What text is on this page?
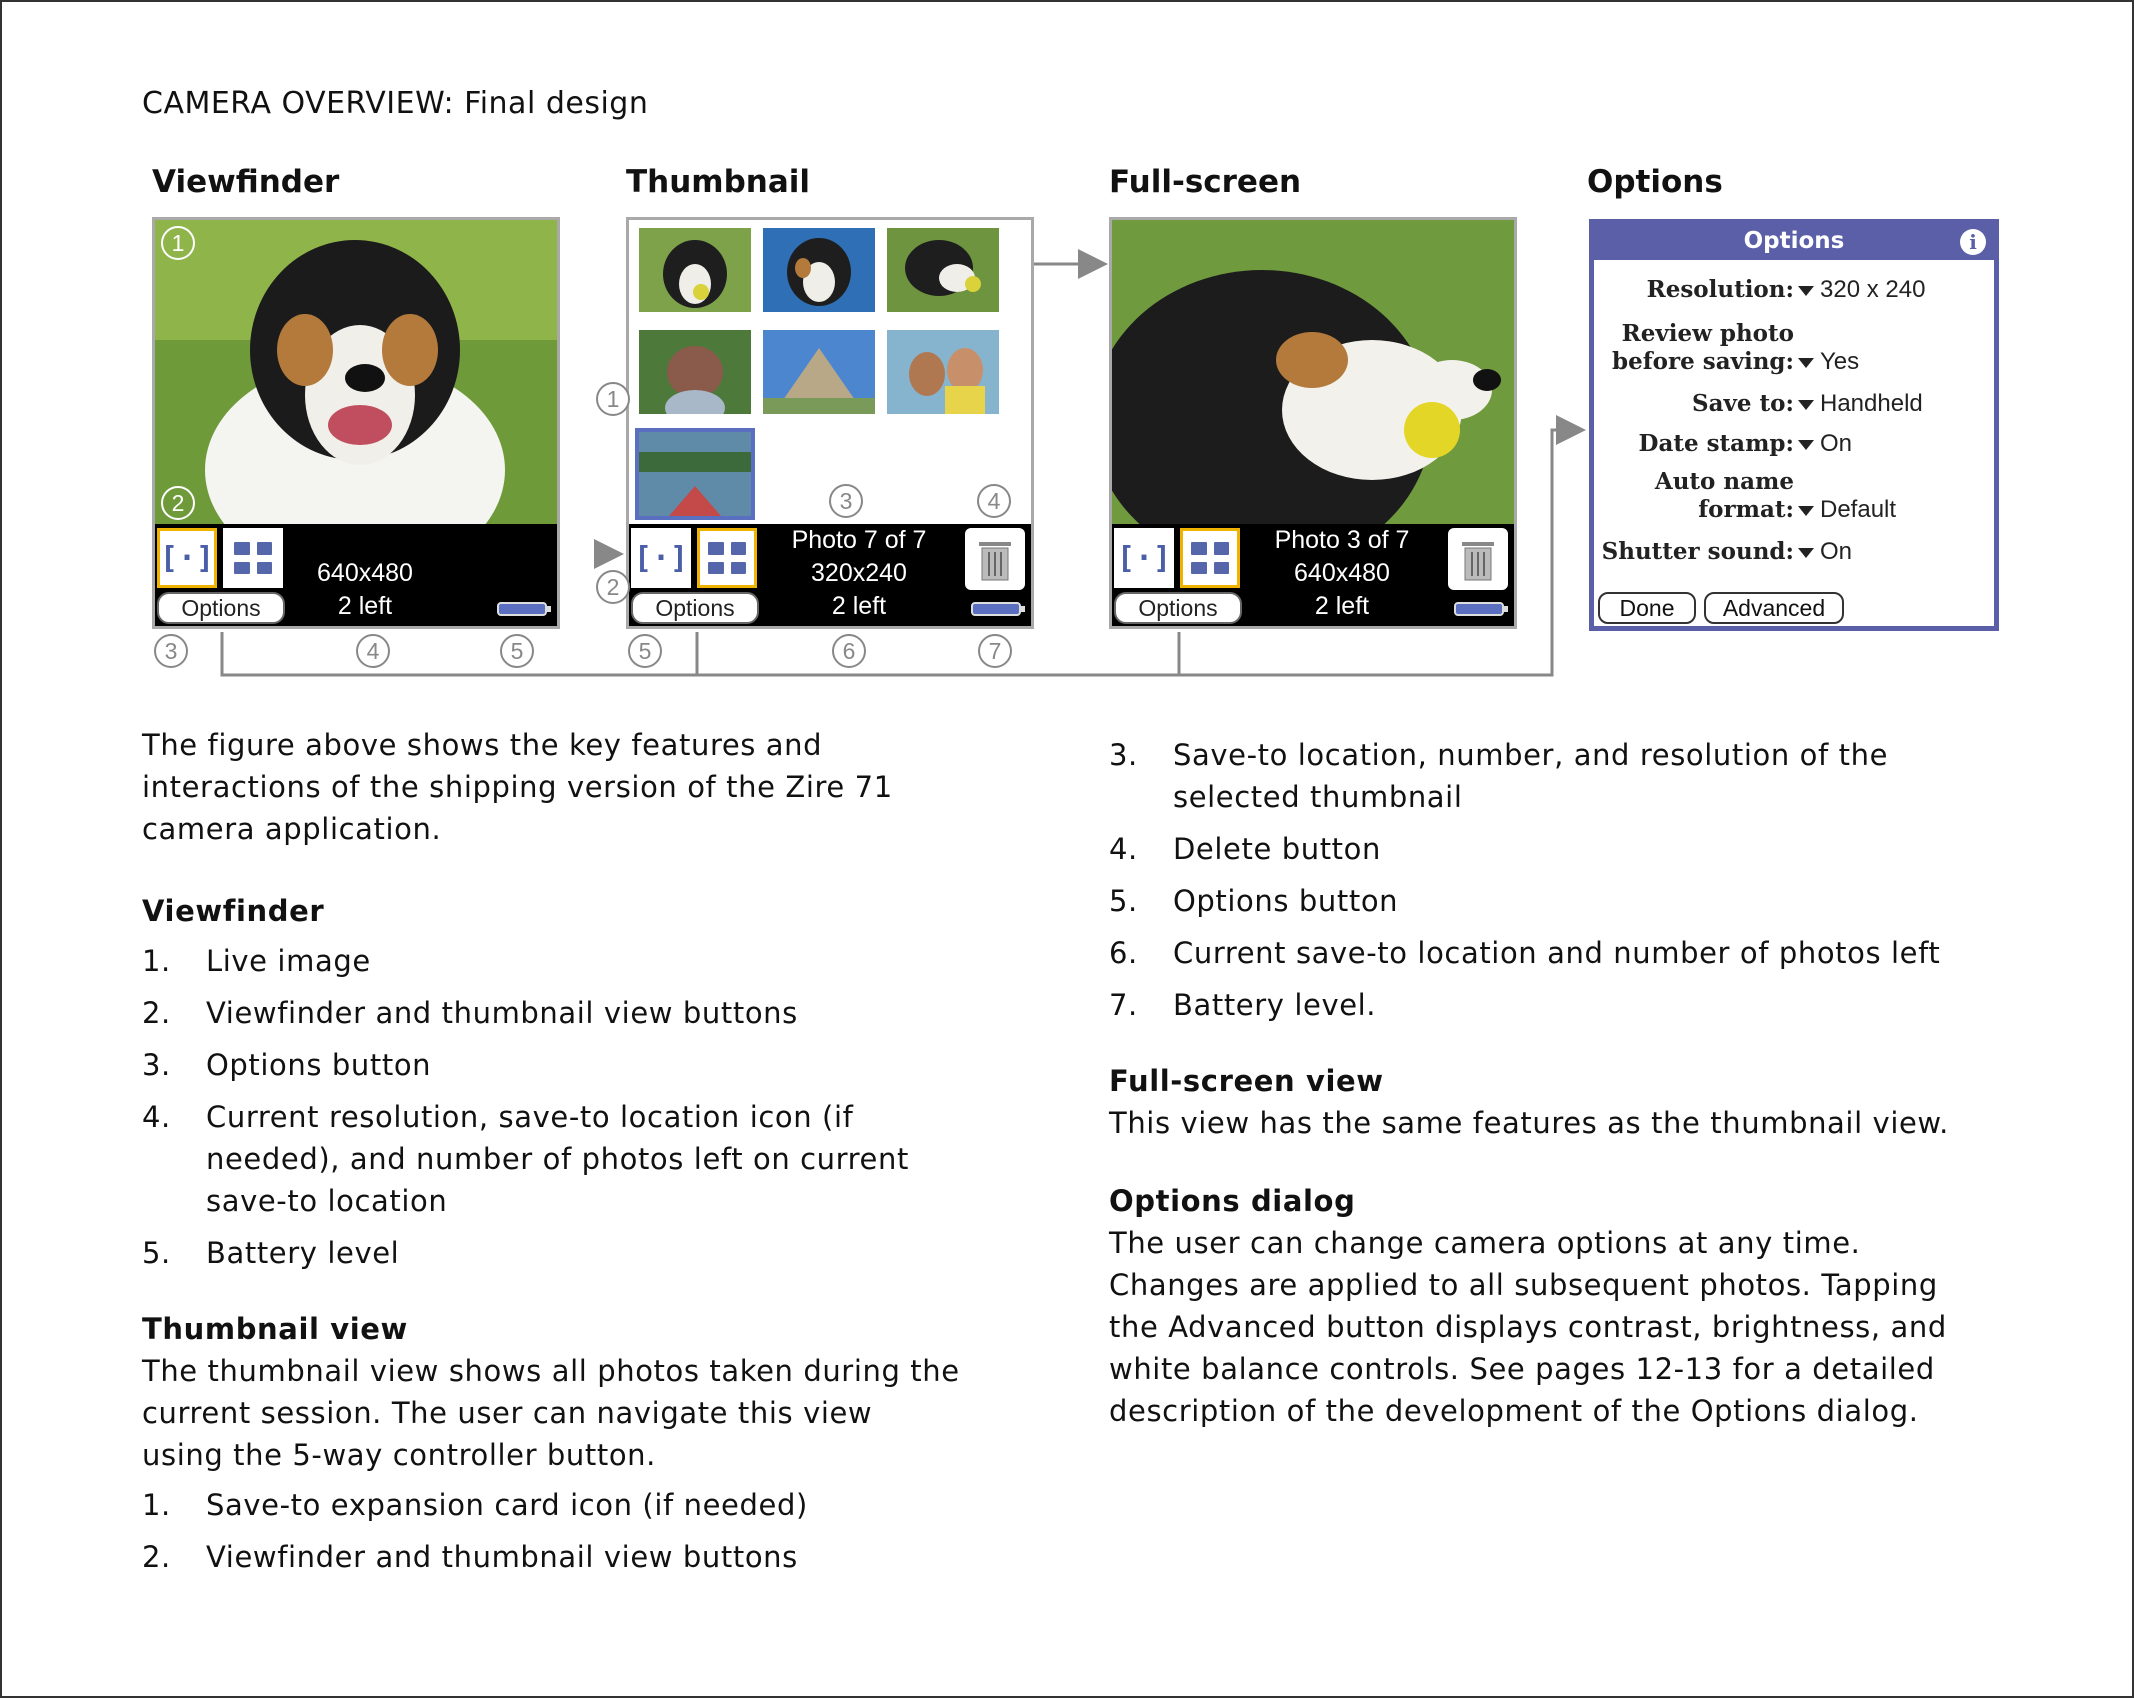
CAMERA OVERVIEW: Final design
Viewfinder	Thumbnail	Full-screen	Options
[·]
Options
640x480
2 left
1
2
3	4	5
[·]
Options
Photo 7 of 7
320x240
2 left
3	4
1
2
5	6	7
[·]
Options
Photo 3 of 7
640x480
2 left
Options	i
Resolution:	320 x 240
Review photo before saving:	Yes
Save to:	Handheld
Date stamp:	On
Auto name format:	Default
Shutter sound:	On
Done	Advanced

The figure above shows the key features and interactions of the shipping version of the Zire 71 camera application.

Viewfinder
1. Live image
2. Viewfinder and thumbnail view buttons
3. Options button
4. Current resolution, save-to location icon (if needed), and number of photos left on current save-to location
5. Battery level
Thumbnail view

The thumbnail view shows all photos taken during the current session. The user can navigate this view using the 5-way controller button.

1. Save-to expansion card icon (if needed)
2. Viewfinder and thumbnail view buttons
3. Save-to location, number, and resolution of the selected thumbnail
4. Delete button
5. Options button
6. Current save-to location and number of photos left
7. Battery level.
Full-screen view

This view has the same features as the thumbnail view.

Options dialog

The user can change camera options at any time. Changes are applied to all subsequent photos. Tapping the Advanced button displays contrast, brightness, and white balance controls. See pages 12-13 for a detailed description of the development of the Options dialog.
